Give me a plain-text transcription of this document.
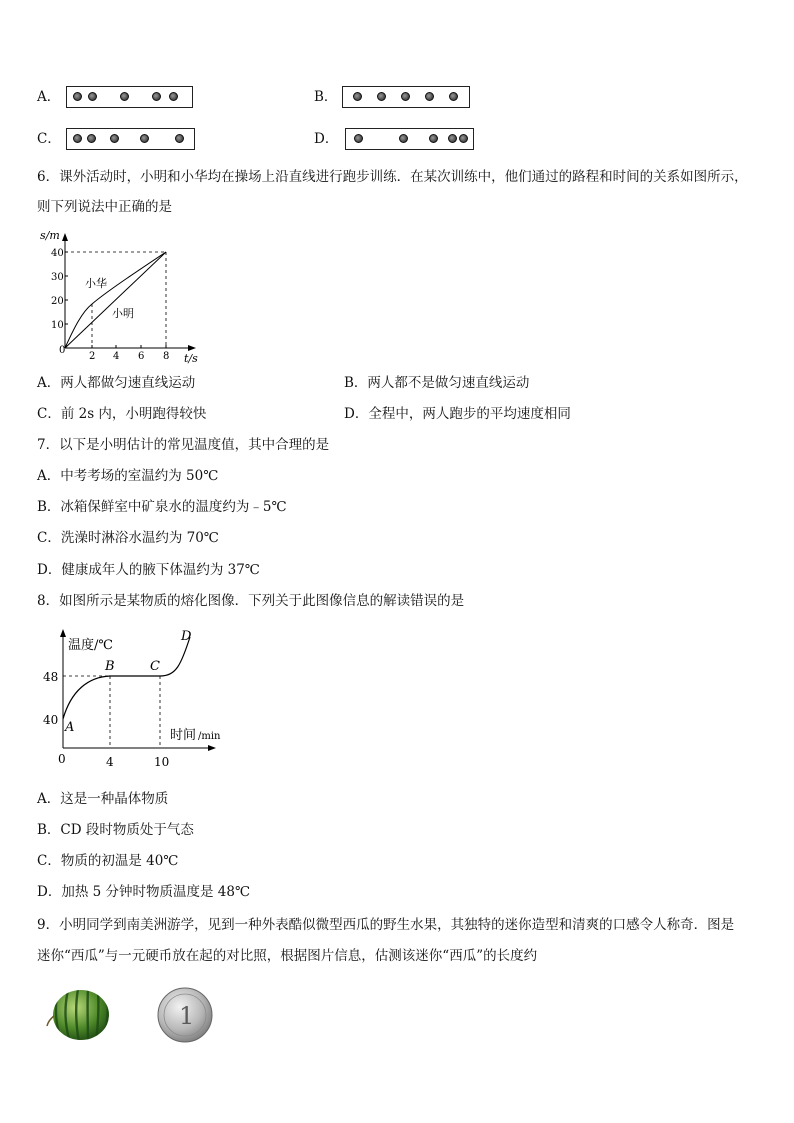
A．	B．
C．	D．
6．课外活动时，小明和小华均在操场上沿直线进行跑步训练．在某次训练中，他们通过的路程和时间的关系如图所示，
则下列说法中正确的是
s/m
t/s
0
10
20
30
40
2 4 6 8
小华
小明
A．两人都做匀速直线运动	B．两人都不是做匀速直线运动
C．前 2s 内，小明跑得较快	D．全程中，两人跑步的平均速度相同
7．以下是小明估计的常见温度值，其中合理的是
A．中考考场的室温约为 50℃
B．冰箱保鲜室中矿泉水的温度约为﹣5℃
C．洗澡时淋浴水温约为 70℃
D．健康成年人的腋下体温约为 37℃
8．如图所示是某物质的熔化图像．下列关于此图像信息的解读错误的是
温度/℃
48
40
0	4	10
时间 /min
A
B	C
D
A．这是一种晶体物质
B．CD 段时物质处于气态
C．物质的初温是 40℃
D．加热 5 分钟时物质温度是 48℃
9．小明同学到南美洲游学，见到一种外表酷似微型西瓜的野生水果，其独特的迷你造型和清爽的口感令人称奇．图是
迷你“西瓜”与一元硬币放在起的对比照，根据图片信息，估测该迷你“西瓜”的长度约
1
